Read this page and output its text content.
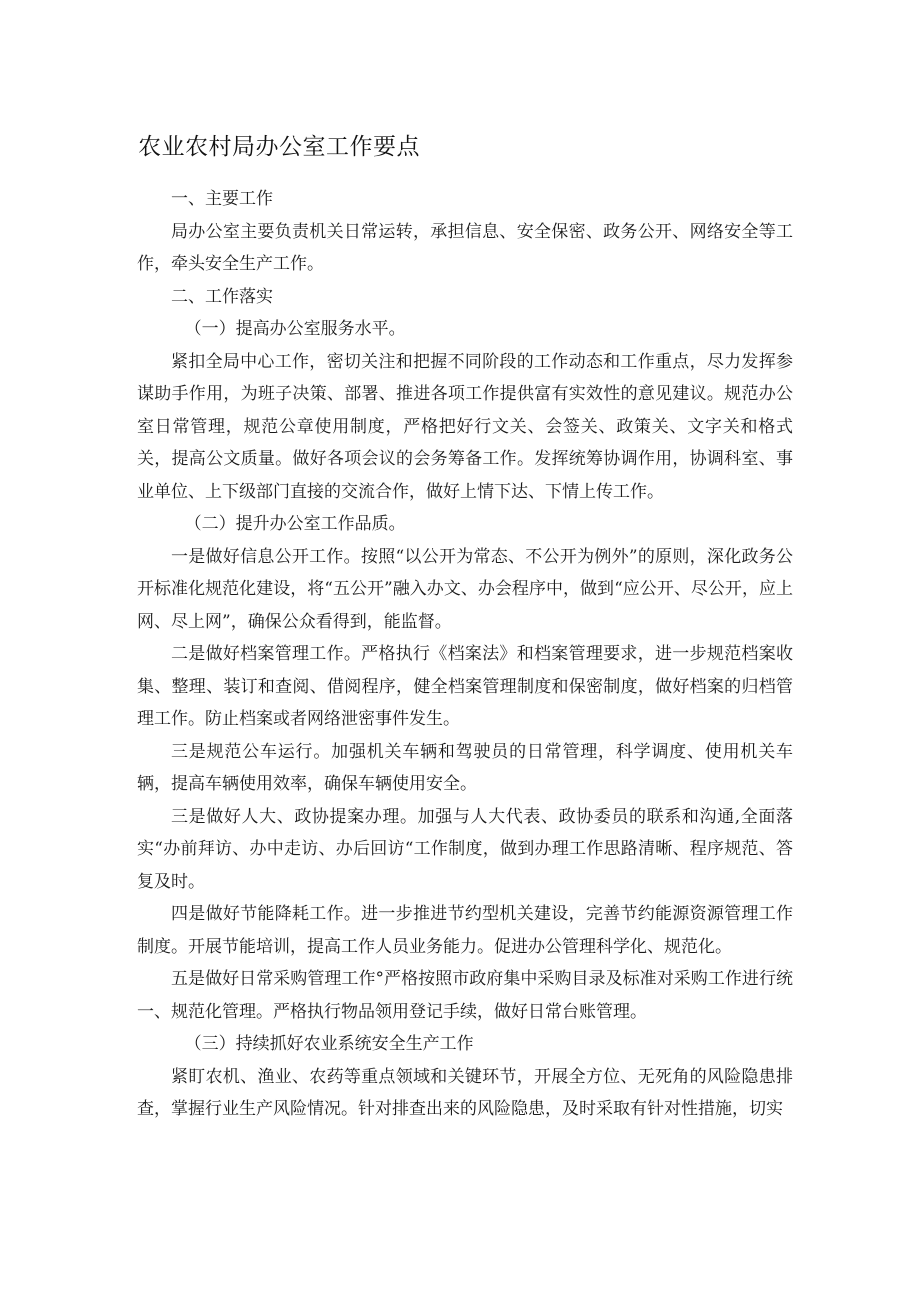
农业农村局办公室工作要点

一、主要工作

局办公室主要负责机关日常运转，承担信息、安全保密、政务公开、网络安全等工作，牵头安全生产工作。

二、工作落实

（一）提高办公室服务水平。

紧扣全局中心工作，密切关注和把握不同阶段的工作动态和工作重点，尽力发挥参谋助手作用，为班子决策、部署、推进各项工作提供富有实效性的意见建议。规范办公室日常管理，规范公章使用制度，严格把好行文关、会签关、政策关、文字关和格式关，提高公文质量。做好各项会议的会务筹备工作。发挥统筹协调作用，协调科室、事业单位、上下级部门直接的交流合作，做好上情下达、下情上传工作。

（二）提升办公室工作品质。

一是做好信息公开工作。按照“以公开为常态、不公开为例外”的原则，深化政务公开标准化规范化建设，将“五公开”融入办文、办会程序中，做到“应公开、尽公开，应上网、尽上网”，确保公众看得到，能监督。

二是做好档案管理工作。严格执行《档案法》和档案管理要求，进一步规范档案收集、整理、装订和查阅、借阅程序，健全档案管理制度和保密制度，做好档案的归档管理工作。防止档案或者网络泄密事件发生。

三是规范公车运行。加强机关车辆和驾驶员的日常管理，科学调度、使用机关车辆，提高车辆使用效率，确保车辆使用安全。

三是做好人大、政协提案办理。加强与人大代表、政协委员的联系和沟通,全面落实“办前拜访、办中走访、办后回访“工作制度，做到办理工作思路清晰、程序规范、答复及时。

四是做好节能降耗工作。进一步推进节约型机关建设，完善节约能源资源管理工作制度。开展节能培训，提高工作人员业务能力。促进办公管理科学化、规范化。

五是做好日常采购管理工作°严格按照市政府集中采购目录及标准对采购工作进行统一、规范化管理。严格执行物品领用登记手续，做好日常台账管理。

（三）持续抓好农业系统安全生产工作

紧盯农机、渔业、农药等重点领域和关键环节，开展全方位、无死角的风险隐患排查，掌握行业生产风险情况。针对排查出来的风险隐患，及时采取有针对性措施，切实
